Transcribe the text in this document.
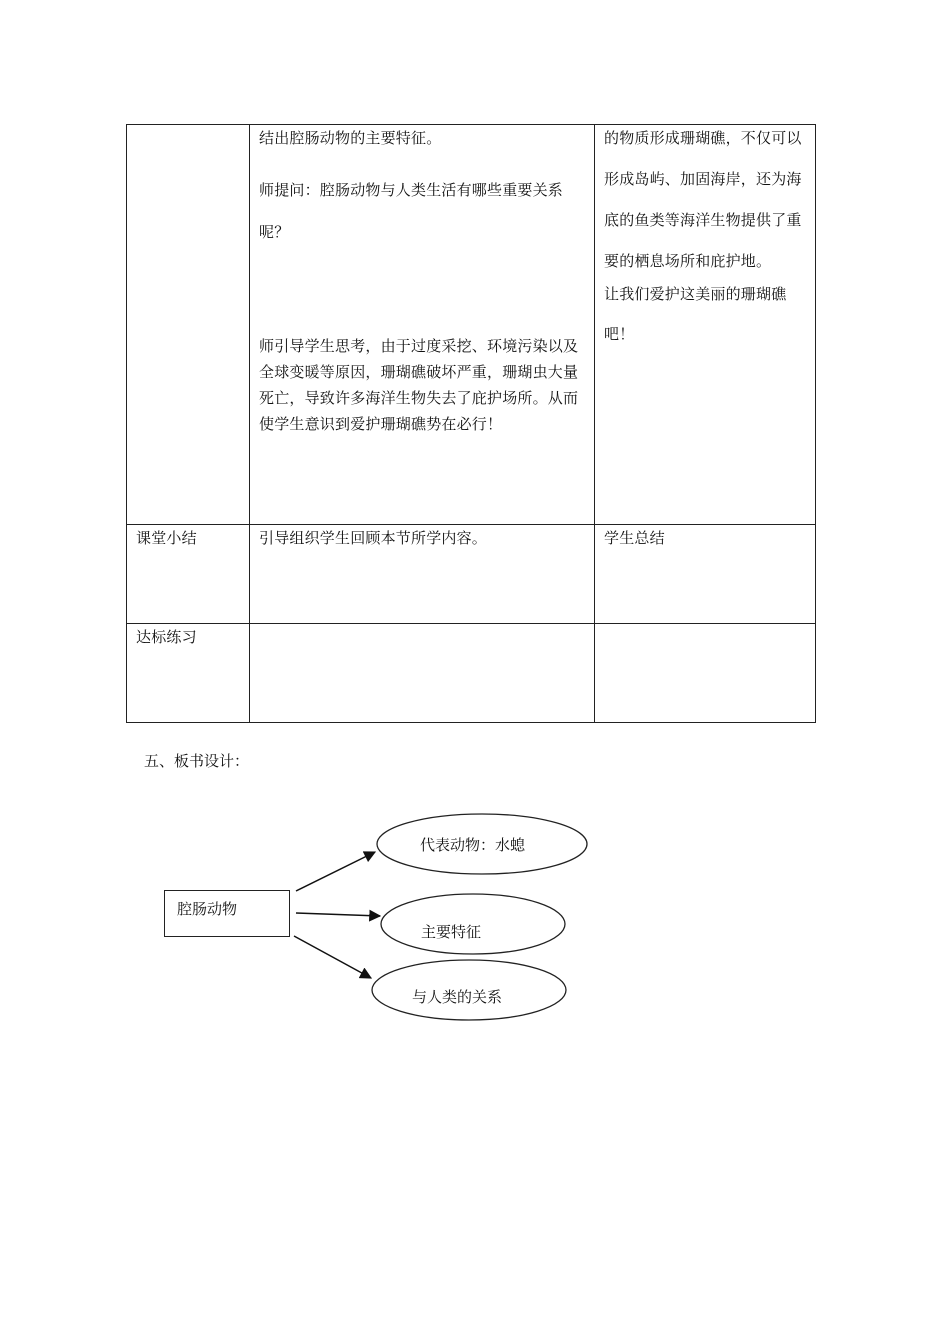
结出腔肠动物的主要特征。

师提问：腔肠动物与人类生活有哪些重要关系呢？

师引导学生思考，由于过度采挖、环境污染以及全球变暖等原因，珊瑚礁破坏严重，珊瑚虫大量死亡，导致许多海洋生物失去了庇护场所。从而使学生意识到爱护珊瑚礁势在必行！

的物质形成珊瑚礁，不仅可以形成岛屿、加固海岸，还为海底的鱼类等海洋生物提供了重要的栖息场所和庇护地。

让我们爱护这美丽的珊瑚礁吧！

课堂小结	引导组织学生回顾本节所学内容。	学生总结
达标练习
五、板书设计：
腔肠动物
代表动物：水螅
主要特征
与人类的关系
